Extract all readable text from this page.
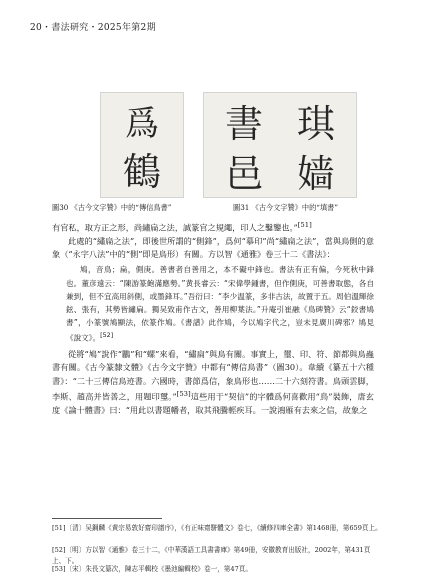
20・書法研究・2025年第2期
爲
鶴
琪
書
嫱
邑
圖30 《古今文字贊》中的“傳信鳥書”	圖31 《古今文字贊》中的“填書”

有官私，取方正之形，尚繡扁之法，誠篆官之規繩，印人之鑿鑒也。”[51]

此處的“繡扁之法”，即後世所謂的“側鋒”，爲何“摹印”尚“繡扁之法”，當與鳥側的意象（“永字八法”中的“側”即是鳥形）有關。方以智《通雅》卷三十二《書法》：

鳩，音鳥；扁，側庚。善書者自善用之，本不礙中鋒也。書法有正有偏，今死秋中鋒也。董彦遠云：“陳游篆飽滿應勢。”黄長睿云：“宋偉學鍾書，但作側庚，可善書取態，各自兼到，但不宜高用斜側，或墨鋒耳。”吾衍曰：“李少温篆，多非古法，故置于五。周伯溫輝徐鉉、張有，其勢皆繡扁。獨吴致甫作古文，善用柳葉法。”升庵引崔融《鳥碑贊》云“鉸書鳩書”，小篆號鳩顯法，依篆作鳩。《書譜》此作鳩，今以鳩字代之，豈未見廣川碑邪？鳩見《說文》。[52]

從將“鳩”說作“鸝”和“螺”來看，“繡扁”與鳥有關。事實上，璽、印、符、節都與鳥蟲書有關。《古今篆隸文體》《古今文字贊》中都有“傳信鳥書”（圖30）。韋續《纂五十六種書》：“二十三傳信鳥迹書。六國時，書節爲信，象鳥形也……二十六刻符書。鳥頭雲脚，李斯、趙高并皆善之，用題印璽。”[53]這些用于“契信”的字體爲何喜歡用“鳥”裝飾，唐玄度《論十體書》曰：“用此以書題幡者，取其飛騰輕疾耳。一說鴻雁有去來之信，故象之

[51]〔清〕吴鋼麟《黄宗易敦好齋印譜序》，《有正味齋駢體文》卷七，《續修四庫全書》第1468冊，第659頁上。
[52]〔明〕方以智《通雅》卷三十二，《中華漢語工具書書庫》第49冊，安徽教育出版社，2002年，第431頁上、下。
[53]〔宋〕朱長文纂次，陳志平輯校《墨池編輯校》卷一，第47頁。
